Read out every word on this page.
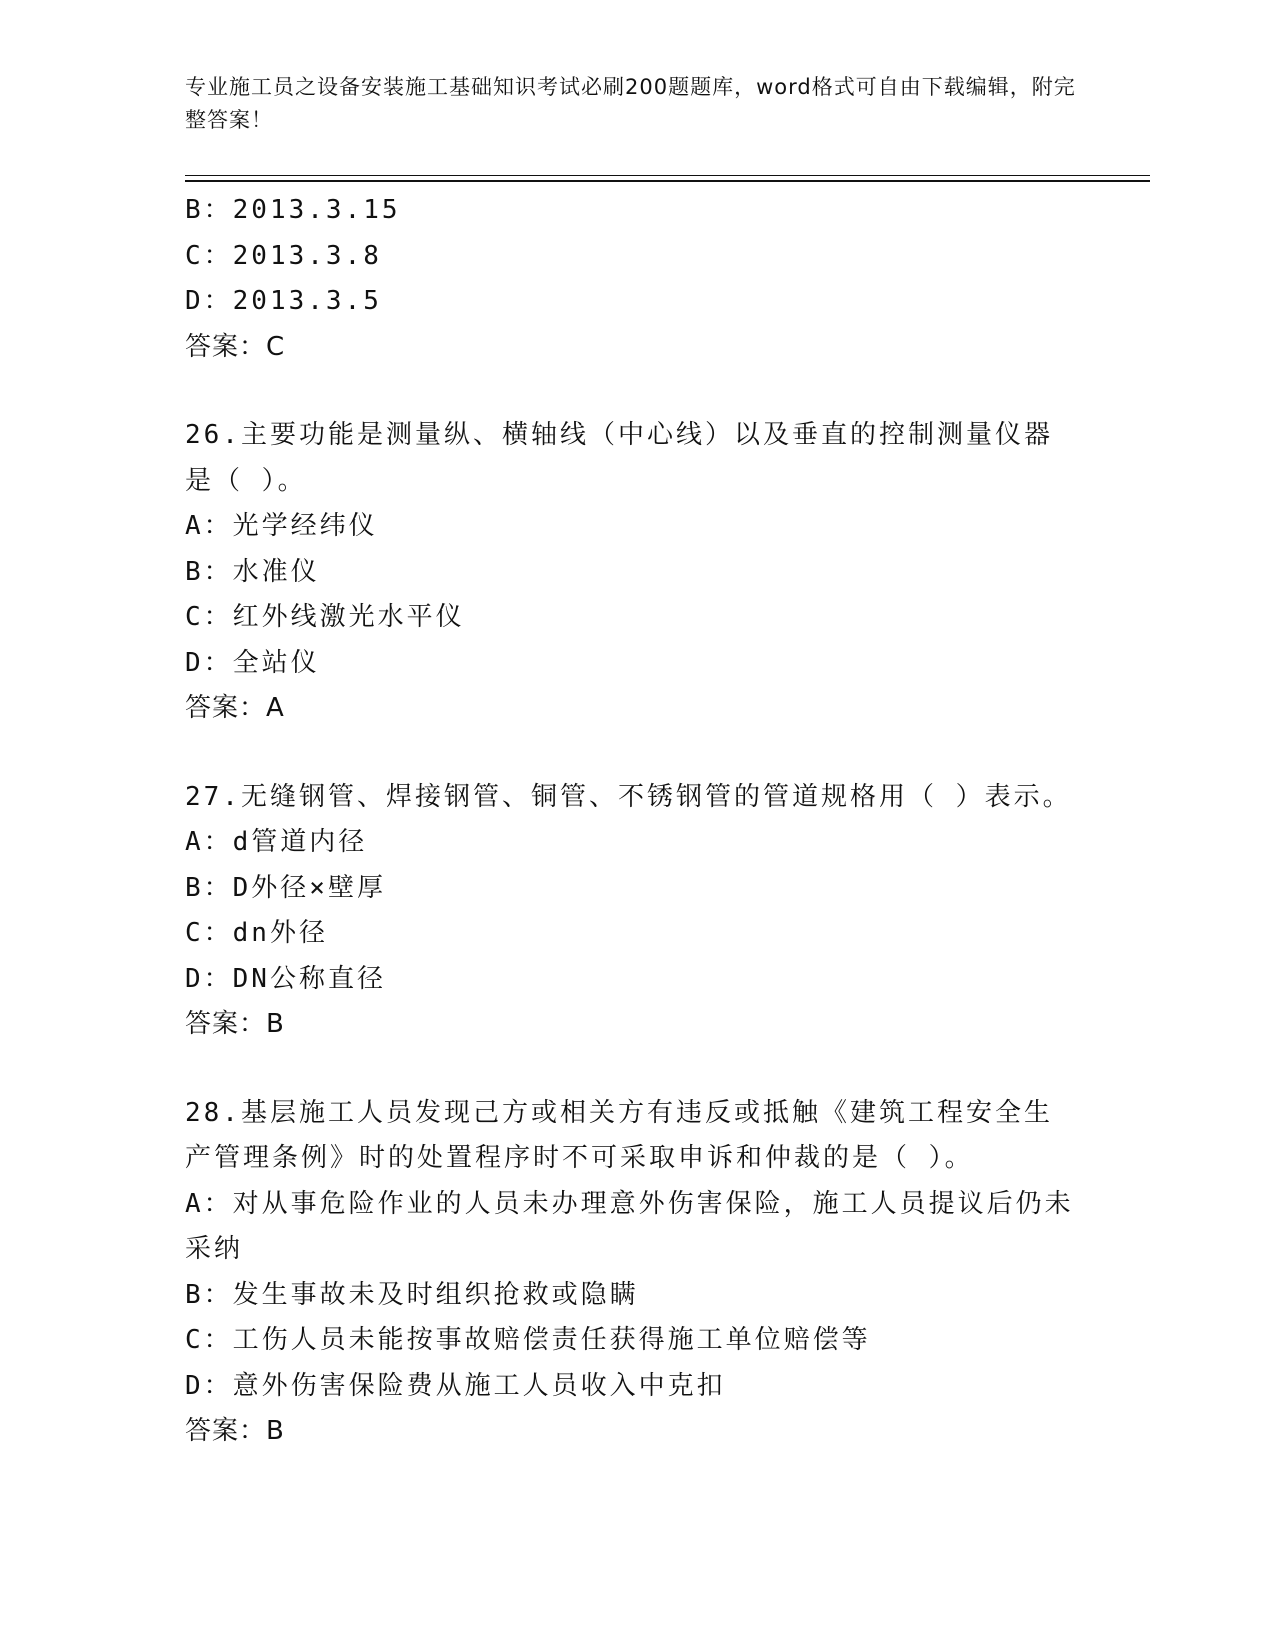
专业施工员之设备安装施工基础知识考试必刷200题题库，word格式可自由下载编辑，附完整答案！
B：2013.3.15
C：2013.3.8
D：2013.3.5
答案：C
26.主要功能是测量纵、横轴线（中心线）以及垂直的控制测量仪器是（ ）。
A：光学经纬仪
B：水准仪
C：红外线激光水平仪
D：全站仪
答案：A
27.无缝钢管、焊接钢管、铜管、不锈钢管的管道规格用（ ）表示。
A：d管道内径
B：D外径×壁厚
C：dn外径
D：DN公称直径
答案：B
28.基层施工人员发现己方或相关方有违反或抵触《建筑工程安全生产管理条例》时的处置程序时不可采取申诉和仲裁的是（ ）。
A：对从事危险作业的人员未办理意外伤害保险，施工人员提议后仍未采纳
B：发生事故未及时组织抢救或隐瞒
C：工伤人员未能按事故赔偿责任获得施工单位赔偿等
D：意外伤害保险费从施工人员收入中克扣
答案：B
